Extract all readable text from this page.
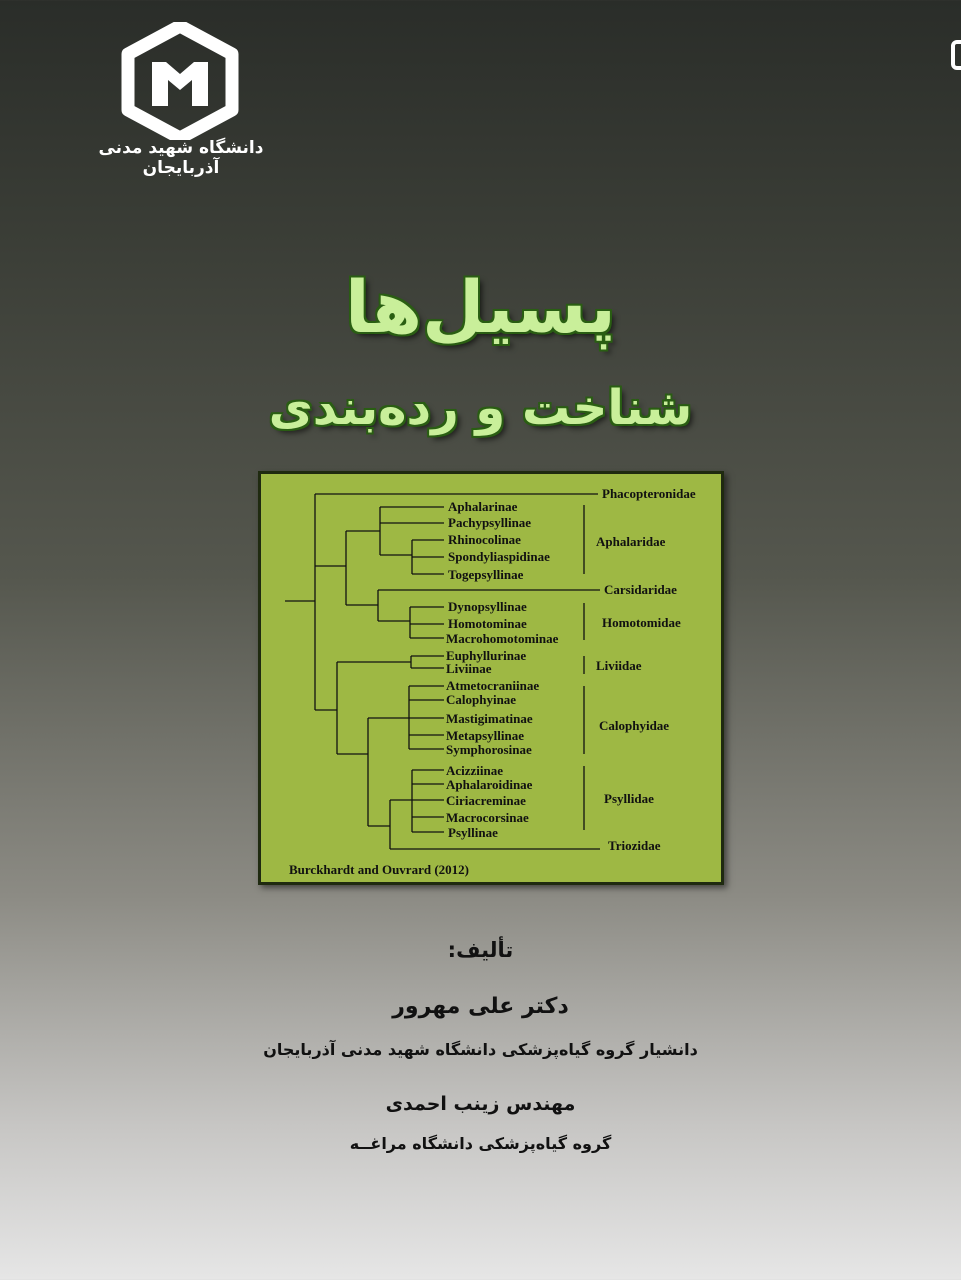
دانشگاه شهید مدنی آذربایجان
پسیل‌ها
شناخت و رده‌بندی
Aphalarinae
Pachypsyllinae
Rhinocolinae
Spondyliaspidinae
Togepsyllinae
Dynopsyllinae
Homotominae
Macrohomotominae
Euphyllurinae
Liviinae
Atmetocraniinae
Calophyinae
Mastigimatinae
Metapsyllinae
Symphorosinae
Acizziinae
Aphalaroidinae
Ciriacreminae
Macrocorsinae
Psyllinae
Phacopteronidae
Aphalaridae
Carsidaridae
Homotomidae
Liviidae
Calophyidae
Psyllidae
Triozidae
Burckhardt and Ouvrard (2012)
تألیف:
دکتر علی مهرور
دانشیار گروه گیاه‌پزشکی دانشگاه شهید مدنی آذربایجان
مهندس زینب احمدی
گروه گیاه‌پزشکی دانشگاه مراغــه
